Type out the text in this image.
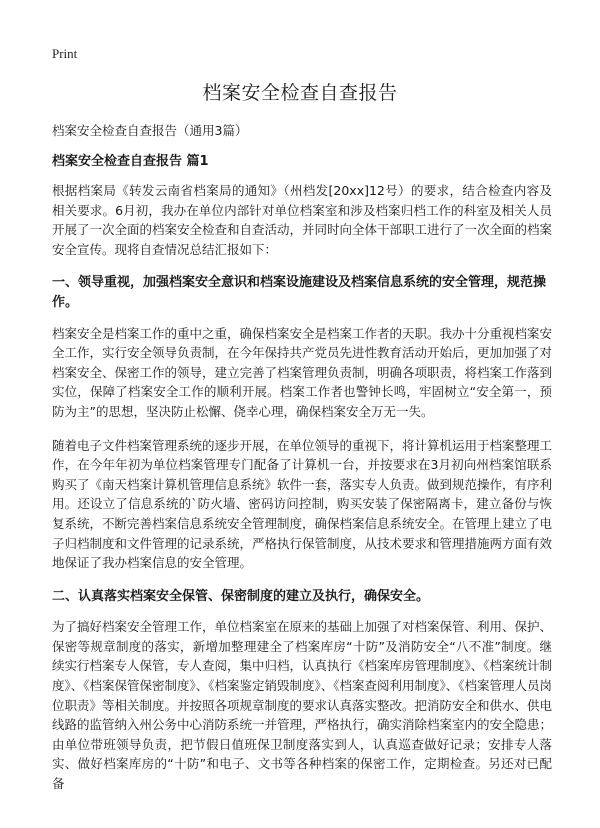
Print
档案安全检查自查报告
档案安全检查自查报告（通用3篇）
档案安全检查自查报告 篇1

根据档案局《转发云南省档案局的通知》（州档发[20xx]12号）的要求，结合检查内容及相关要求。6月初，我办在单位内部针对单位档案室和涉及档案归档工作的科室及相关人员开展了一次全面的档案安全检查和自查活动，并同时向全体干部职工进行了一次全面的档案安全宣传。现将自查情况总结汇报如下：

一、领导重视，加强档案安全意识和档案设施建设及档案信息系统的安全管理，规范操作。

档案安全是档案工作的重中之重，确保档案安全是档案工作者的天职。我办十分重视档案安全工作，实行安全领导负责制，在今年保持共产党员先进性教育活动开始后，更加加强了对档案安全、保密工作的领导，建立完善了档案管理负责制，明确各项职责，将档案工作落到实位，保障了档案安全工作的顺利开展。档案工作者也警钟长鸣，牢固树立“安全第一，预防为主”的思想，坚决防止松懈、侥幸心理，确保档案安全万无一失。

随着电子文件档案管理系统的逐步开展，在单位领导的重视下，将计算机运用于档案整理工作，在今年年初为单位档案管理专门配备了计算机一台，并按要求在3月初向州档案馆联系购买了《南天档案计算机管理信息系统》软件一套，落实专人负责。做到规范操作，有序利用。还设立了信息系统的`防火墙、密码访问控制，购买安装了保密隔离卡，建立备份与恢复系统，不断完善档案信息系统安全管理制度，确保档案信息系统安全。在管理上建立了电子归档制度和文件管理的记录系统，严格执行保管制度，从技术要求和管理措施两方面有效地保证了我办档案信息的安全管理。

二、认真落实档案安全保管、保密制度的建立及执行，确保安全。

为了搞好档案安全管理工作，单位档案室在原来的基础上加强了对档案保管、利用、保护、保密等规章制度的落实，新增加整理建全了档案库房“十防”及消防安全“八不准”制度。继续实行档案专人保管，专人查阅，集中归档，认真执行《档案库房管理制度》、《档案统计制度》、《档案保管保密制度》、《档案鉴定销毁制度》、《档案查阅利用制度》、《档案管理人员岗位职责》等相关制度。并按照各项规章制度的要求认真落实整改。把消防安全和供水、供电线路的监管纳入州公务中心消防系统一并管理，严格执行，确实消除档案室内的安全隐患；由单位带班领导负责，把节假日值班保卫制度落实到人，认真巡查做好记录；安排专人落实、做好档案库房的“十防”和电子、文书等各种档案的保密工作，定期检查。另还对已配备
